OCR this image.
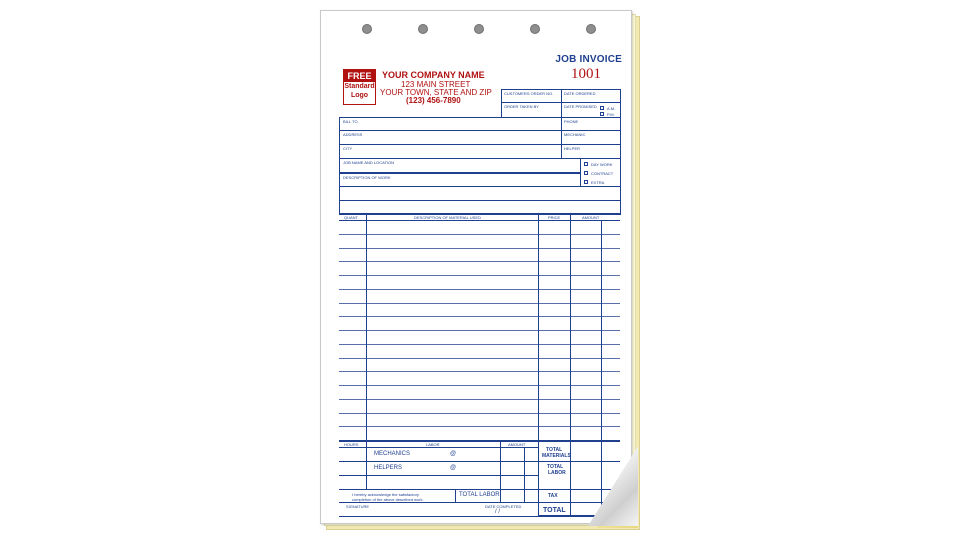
JOB INVOICE
1001
FREE
Standard
Logo
YOUR COMPANY NAME
123 MAIN STREET
YOUR TOWN, STATE AND ZIP
(123) 456-7890
CUSTOMERS ORDER NO.	DATE ORDERED
ORDER TAKEN BY	DATE PROMISED	A.M.
P.M.
BILL TO	PHONE
ADDRESS	MECHANIC
CITY	HELPER
JOB NAME AND LOCATION	DAY WORK
CONTRACT
EXTRA
DESCRIPTION OF WORK
QUANT.	DESCRIPTION OF MATERIAL USED	PRICE	AMOUNT
HOURS	LABOR	AMOUNT
MECHANICS	@
HELPERS	@
TOTAL
MATERIALS
TOTAL
LABOR
TAX
TOTAL
I hereby acknowledge the satisfactory
completion of the above described work.
TOTAL LABOR
SIGNATURE	DATE COMPLETED
/ /
